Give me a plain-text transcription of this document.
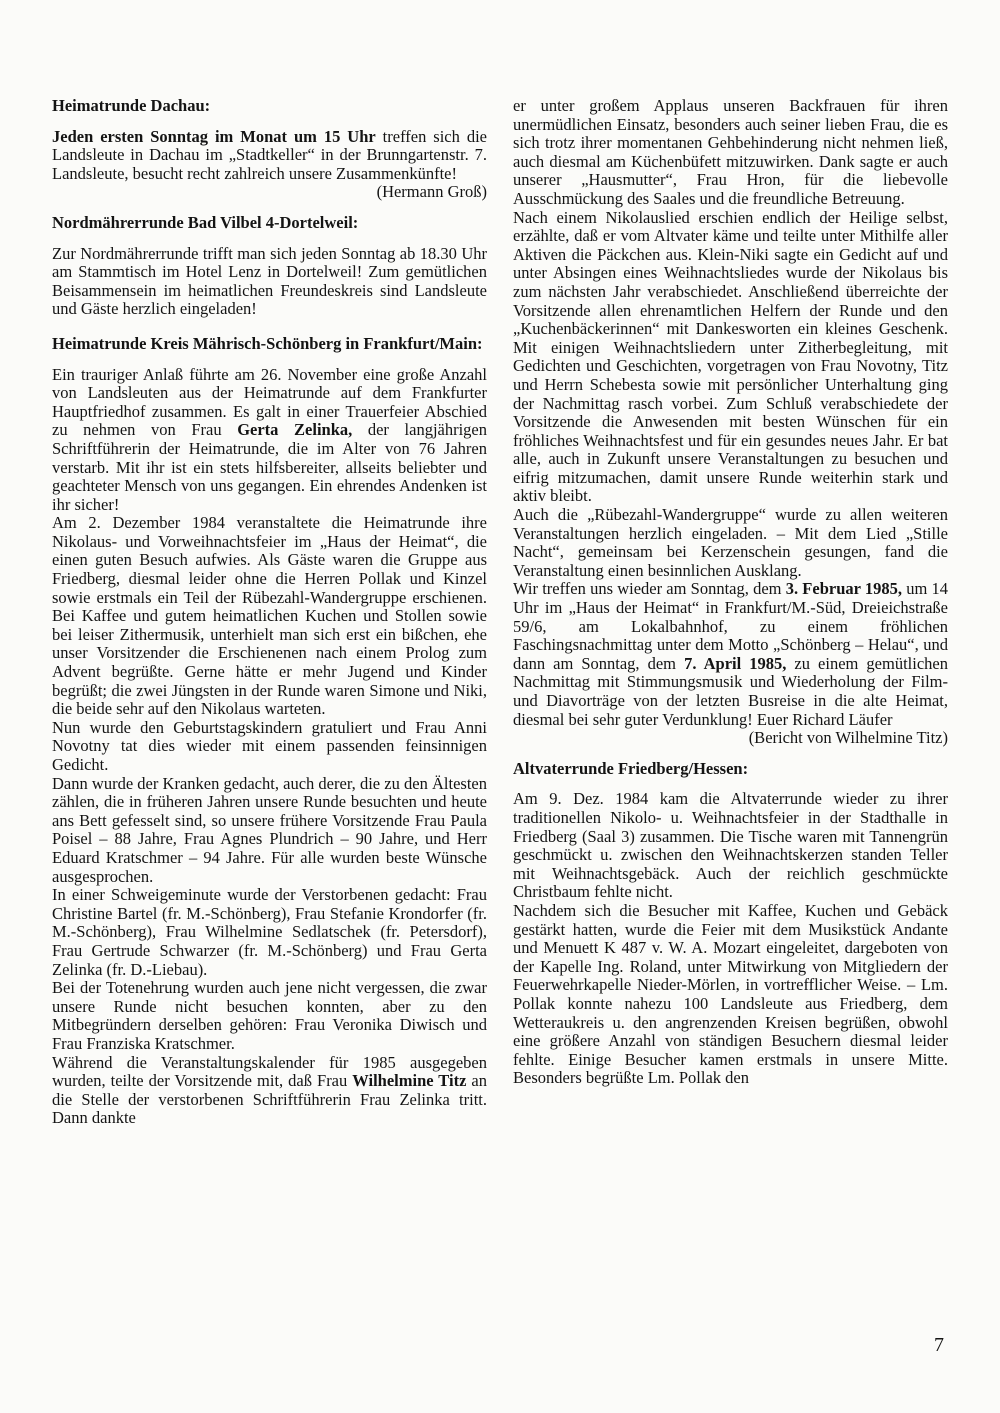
Heimatrunde Dachau:

Jeden ersten Sonntag im Monat um 15 Uhr treffen sich die Landsleute in Dachau im „Stadtkeller“ in der Brunngartenstr. 7. Landsleute, besucht recht zahlreich unsere Zusammenkünfte!

(Hermann Groß)

Nordmährerrunde Bad Vilbel 4-Dortelweil:

Zur Nordmährerrunde trifft man sich jeden Sonntag ab 18.30 Uhr am Stammtisch im Hotel Lenz in Dortelweil! Zum gemütlichen Beisammensein im heimatlichen Freundeskreis sind Landsleute und Gäste herzlich eingeladen!

Heimatrunde Kreis Mährisch-Schönberg in Frankfurt/Main:

Ein trauriger Anlaß führte am 26. November eine große Anzahl von Landsleuten aus der Heimatrunde auf dem Frankfurter Hauptfriedhof zusammen. Es galt in einer Trauerfeier Abschied zu nehmen von Frau Gerta Zelinka, der langjährigen Schriftführerin der Heimatrunde, die im Alter von 76 Jahren verstarb. Mit ihr ist ein stets hilfsbereiter, allseits beliebter und geachteter Mensch von uns gegangen. Ein ehrendes Andenken ist ihr sicher!

Am 2. Dezember 1984 veranstaltete die Heimatrunde ihre Nikolaus- und Vorweihnachtsfeier im „Haus der Heimat“, die einen guten Besuch aufwies. Als Gäste waren die Gruppe aus Friedberg, diesmal leider ohne die Herren Pollak und Kinzel sowie erstmals ein Teil der Rübezahl-Wandergruppe erschienen. Bei Kaffee und gutem heimatlichen Kuchen und Stollen sowie bei leiser Zithermusik, unterhielt man sich erst ein bißchen, ehe unser Vorsitzender die Erschienenen nach einem Prolog zum Advent begrüßte. Gerne hätte er mehr Jugend und Kinder begrüßt; die zwei Jüngsten in der Runde waren Simone und Niki, die beide sehr auf den Nikolaus warteten.

Nun wurde den Geburtstagskindern gratuliert und Frau Anni Novotny tat dies wieder mit einem passenden feinsinnigen Gedicht.

Dann wurde der Kranken gedacht, auch derer, die zu den Ältesten zählen, die in früheren Jahren unsere Runde besuchten und heute ans Bett gefesselt sind, so unsere frühere Vorsitzende Frau Paula Poisel – 88 Jahre, Frau Agnes Plundrich – 90 Jahre, und Herr Eduard Kratschmer – 94 Jahre. Für alle wurden beste Wünsche ausgesprochen.

In einer Schweigeminute wurde der Verstorbenen gedacht: Frau Christine Bartel (fr. M.-Schönberg), Frau Stefanie Krondorfer (fr. M.-Schönberg), Frau Wilhelmine Sedlatschek (fr. Petersdorf), Frau Gertrude Schwarzer (fr. M.-Schönberg) und Frau Gerta Zelinka (fr. D.-Liebau).

Bei der Totenehrung wurden auch jene nicht vergessen, die zwar unsere Runde nicht besuchen konnten, aber zu den Mitbegründern derselben gehören: Frau Veronika Diwisch und Frau Franziska Kratschmer.

Während die Veranstaltungskalender für 1985 ausgegeben wurden, teilte der Vorsitzende mit, daß Frau Wilhelmine Titz an die Stelle der verstorbenen Schriftführerin Frau Zelinka tritt. Dann dankte

er unter großem Applaus unseren Backfrauen für ihren unermüdlichen Einsatz, besonders auch seiner lieben Frau, die es sich trotz ihrer momentanen Gehbehinderung nicht nehmen ließ, auch diesmal am Küchenbüfett mitzuwirken. Dank sagte er auch unserer „Hausmutter“, Frau Hron, für die liebevolle Ausschmückung des Saales und die freundliche Betreuung.

Nach einem Nikolauslied erschien endlich der Heilige selbst, erzählte, daß er vom Altvater käme und teilte unter Mithilfe aller Aktiven die Päckchen aus. Klein-Niki sagte ein Gedicht auf und unter Absingen eines Weihnachtsliedes wurde der Nikolaus bis zum nächsten Jahr verabschiedet. Anschließend überreichte der Vorsitzende allen ehrenamtlichen Helfern der Runde und den „Kuchenbäckerinnen“ mit Dankesworten ein kleines Geschenk. Mit einigen Weihnachtsliedern unter Zitherbegleitung, mit Gedichten und Geschichten, vorgetragen von Frau Novotny, Titz und Herrn Schebesta sowie mit persönlicher Unterhaltung ging der Nachmittag rasch vorbei. Zum Schluß verabschiedete der Vorsitzende die Anwesenden mit besten Wünschen für ein fröhliches Weihnachtsfest und für ein gesundes neues Jahr. Er bat alle, auch in Zukunft unsere Veranstaltungen zu besuchen und eifrig mitzumachen, damit unsere Runde weiterhin stark und aktiv bleibt.

Auch die „Rübezahl-Wandergruppe“ wurde zu allen weiteren Veranstaltungen herzlich eingeladen. – Mit dem Lied „Stille Nacht“, gemeinsam bei Kerzenschein gesungen, fand die Veranstaltung einen besinnlichen Ausklang.

Wir treffen uns wieder am Sonntag, dem 3. Februar 1985, um 14 Uhr im „Haus der Heimat“ in Frankfurt/M.-Süd, Dreieichstraße 59/6, am Lokalbahnhof, zu einem fröhlichen Faschingsnachmittag unter dem Motto „Schönberg – Helau“, und dann am Sonntag, dem 7. April 1985, zu einem gemütlichen Nachmittag mit Stimmungsmusik und Wiederholung der Film- und Diavorträge von der letzten Busreise in die alte Heimat, diesmal bei sehr guter Verdunklung! Euer Richard Läufer

(Bericht von Wilhelmine Titz)

Altvaterrunde Friedberg/Hessen:

Am 9. Dez. 1984 kam die Altvaterrunde wieder zu ihrer traditionellen Nikolo- u. Weihnachtsfeier in der Stadthalle in Friedberg (Saal 3) zusammen. Die Tische waren mit Tannengrün geschmückt u. zwischen den Weihnachtskerzen standen Teller mit Weihnachtsgebäck. Auch der reichlich geschmückte Christbaum fehlte nicht.

Nachdem sich die Besucher mit Kaffee, Kuchen und Gebäck gestärkt hatten, wurde die Feier mit dem Musikstück Andante und Menuett K 487 v. W. A. Mozart eingeleitet, dargeboten von der Kapelle Ing. Roland, unter Mitwirkung von Mitgliedern der Feuerwehrkapelle Nieder-Mörlen, in vortrefflicher Weise. – Lm. Pollak konnte nahezu 100 Landsleute aus Friedberg, dem Wetteraukreis u. den angrenzenden Kreisen begrüßen, obwohl eine größere Anzahl von ständigen Besuchern diesmal leider fehlte. Einige Besucher kamen erstmals in unsere Mitte. Besonders begrüßte Lm. Pollak den

7
